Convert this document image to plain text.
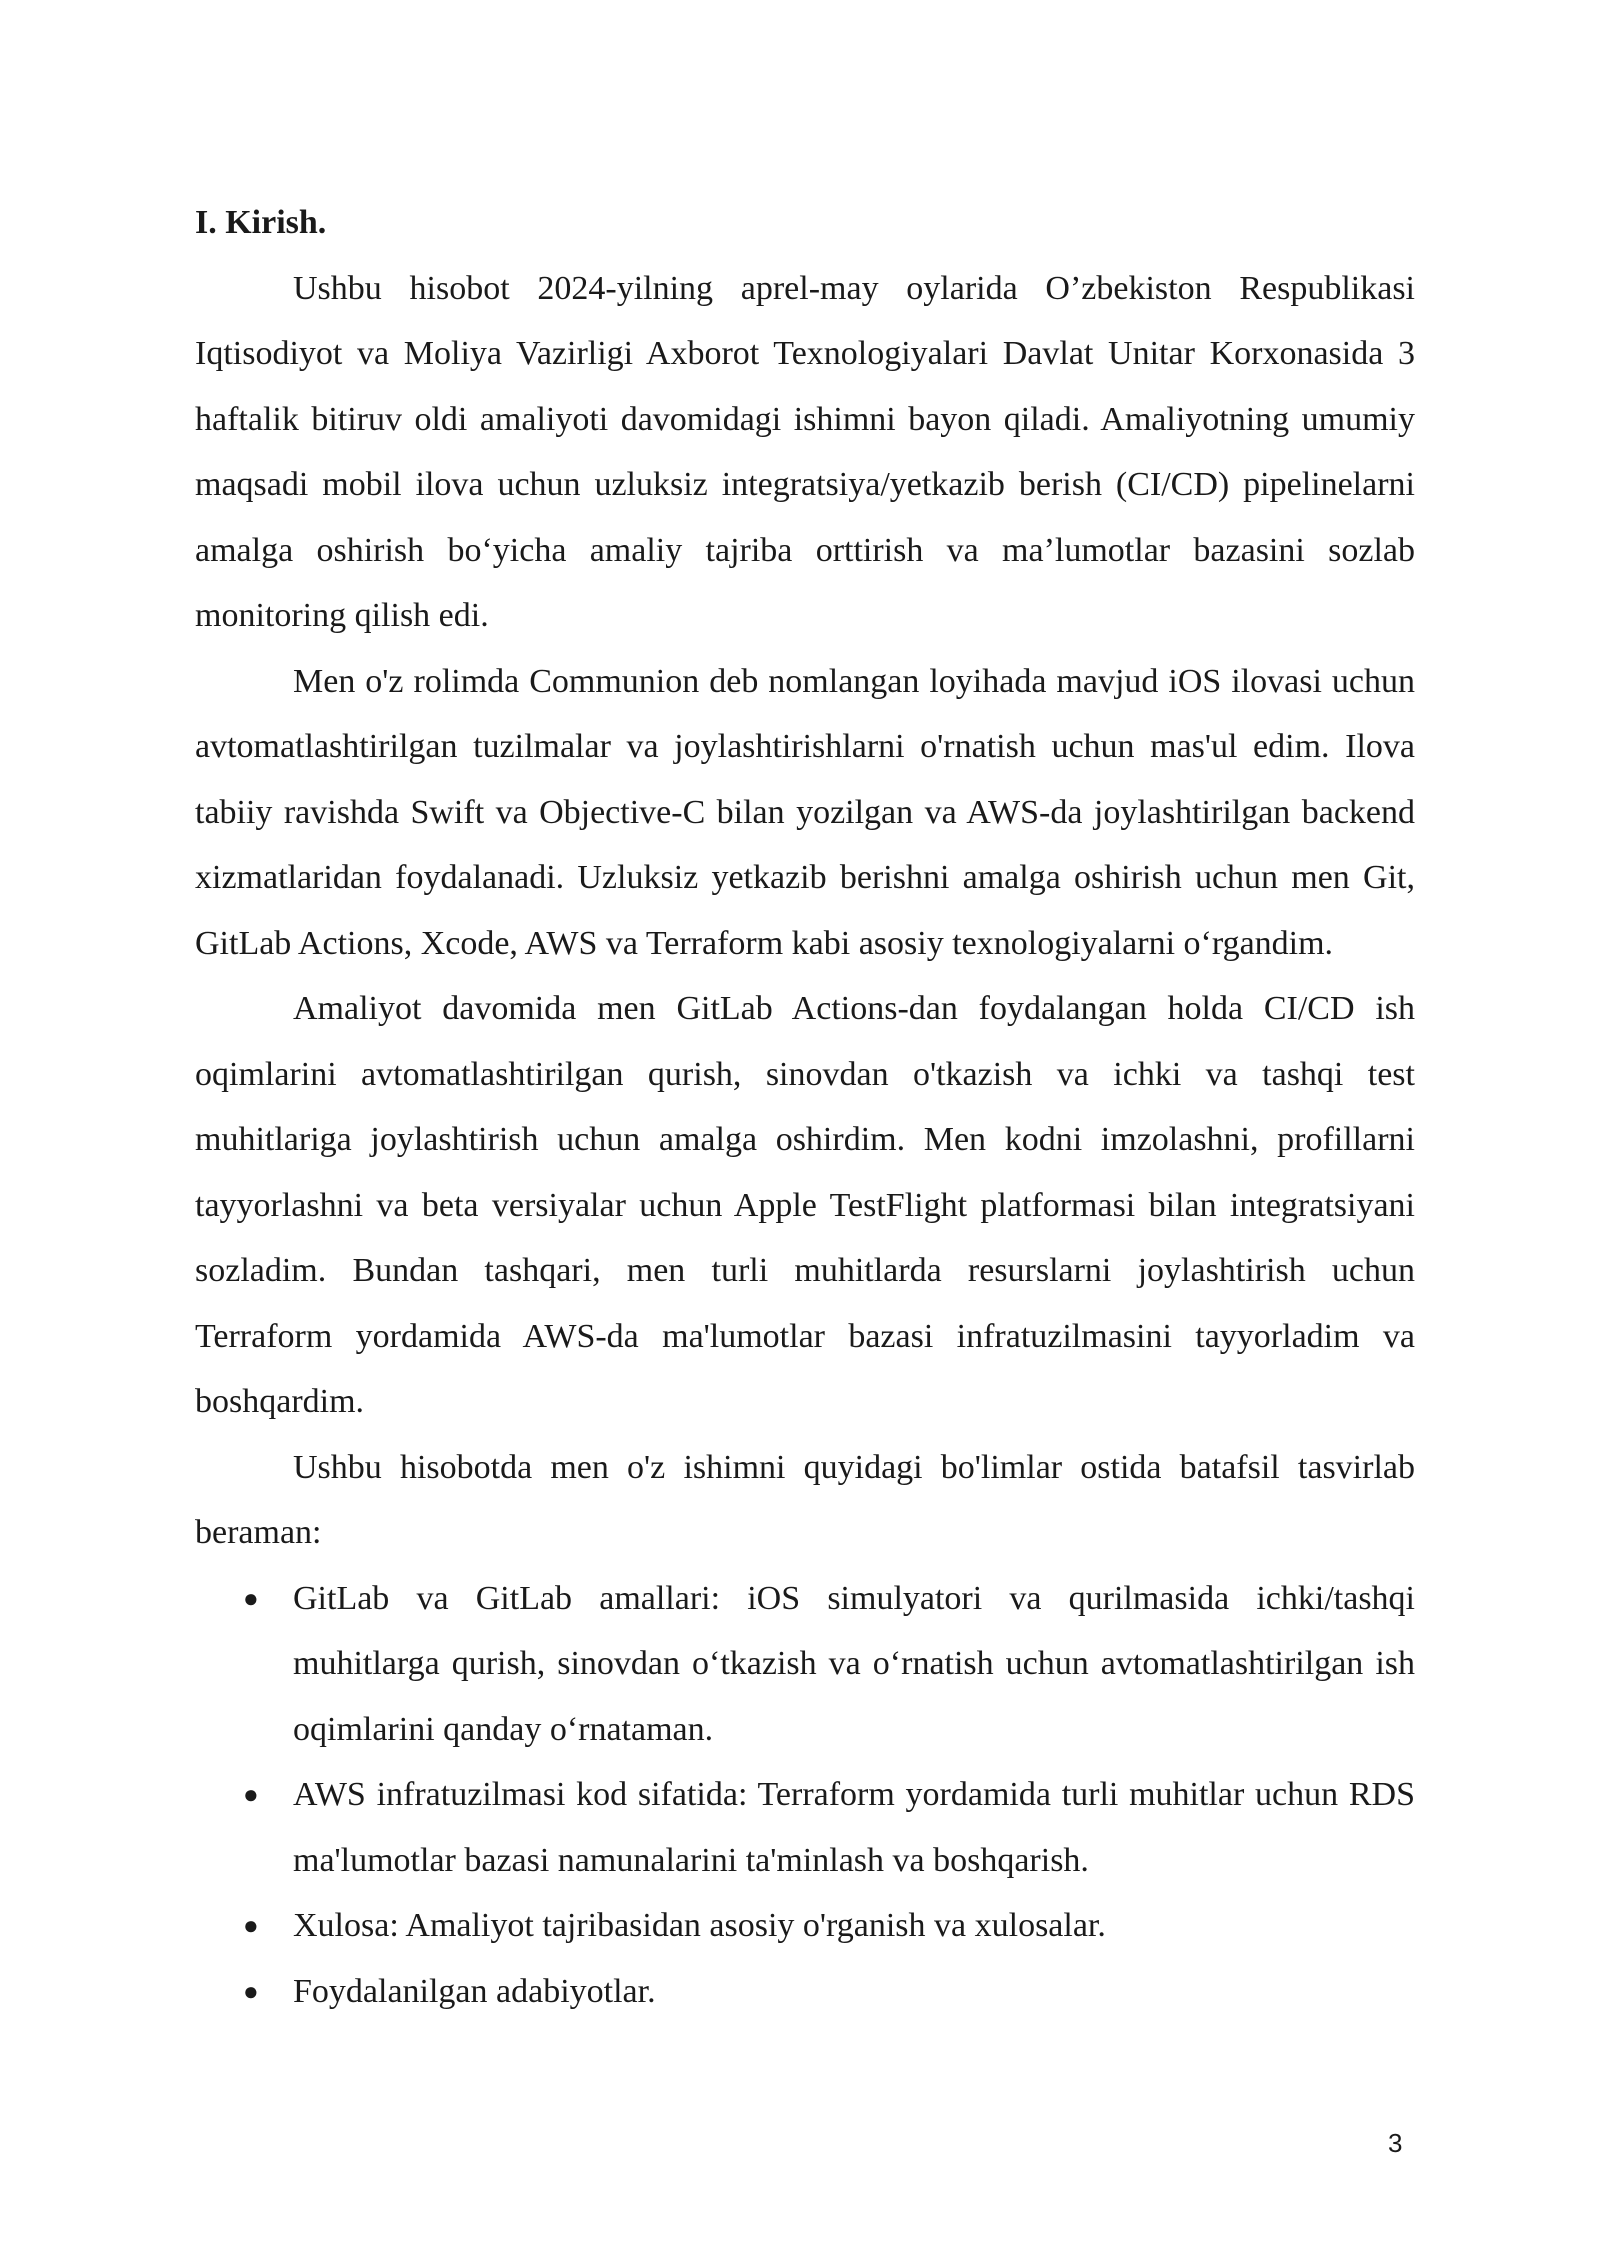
I. Kirish.

Ushbu hisobot 2024-yilning aprel-may oylarida O’zbekiston Respublikasi Iqtisodiyot va Moliya Vazirligi Axborot Texnologiyalari Davlat Unitar Korxonasida 3 haftalik bitiruv oldi amaliyoti davomidagi ishimni bayon qiladi. Amaliyotning umumiy maqsadi mobil ilova uchun uzluksiz integratsiya/yetkazib berish (CI/CD) pipelinelarni amalga oshirish bo‘yicha amaliy tajriba orttirish va ma’lumotlar bazasini sozlab monitoring qilish edi.

Men o'z rolimda Communion deb nomlangan loyihada mavjud iOS ilovasi uchun avtomatlashtirilgan tuzilmalar va joylashtirishlarni o'rnatish uchun mas'ul edim. Ilova tabiiy ravishda Swift va Objective-C bilan yozilgan va AWS-da joylashtirilgan backend xizmatlaridan foydalanadi. Uzluksiz yetkazib berishni amalga oshirish uchun men Git, GitLab Actions, Xcode, AWS va Terraform kabi asosiy texnologiyalarni o‘rgandim.

Amaliyot davomida men GitLab Actions-dan foydalangan holda CI/CD ish oqimlarini avtomatlashtirilgan qurish, sinovdan o'tkazish va ichki va tashqi test muhitlariga joylashtirish uchun amalga oshirdim. Men kodni imzolashni, profillarni tayyorlashni va beta versiyalar uchun Apple TestFlight platformasi bilan integratsiyani sozladim. Bundan tashqari, men turli muhitlarda resurslarni joylashtirish uchun Terraform yordamida AWS-da ma'lumotlar bazasi infratuzilmasini tayyorladim va boshqardim.

Ushbu hisobotda men o'z ishimni quyidagi bo'limlar ostida batafsil tasvirlab beraman:

● GitLab va GitLab amallari: iOS simulyatori va qurilmasida ichki/tashqi muhitlarga qurish, sinovdan o‘tkazish va o‘rnatish uchun avtomatlashtirilgan ish oqimlarini qanday o‘rnataman.
● AWS infratuzilmasi kod sifatida: Terraform yordamida turli muhitlar uchun RDS ma'lumotlar bazasi namunalarini ta'minlash va boshqarish.
● Xulosa: Amaliyot tajribasidan asosiy o'rganish va xulosalar.
● Foydalanilgan adabiyotlar.
3
